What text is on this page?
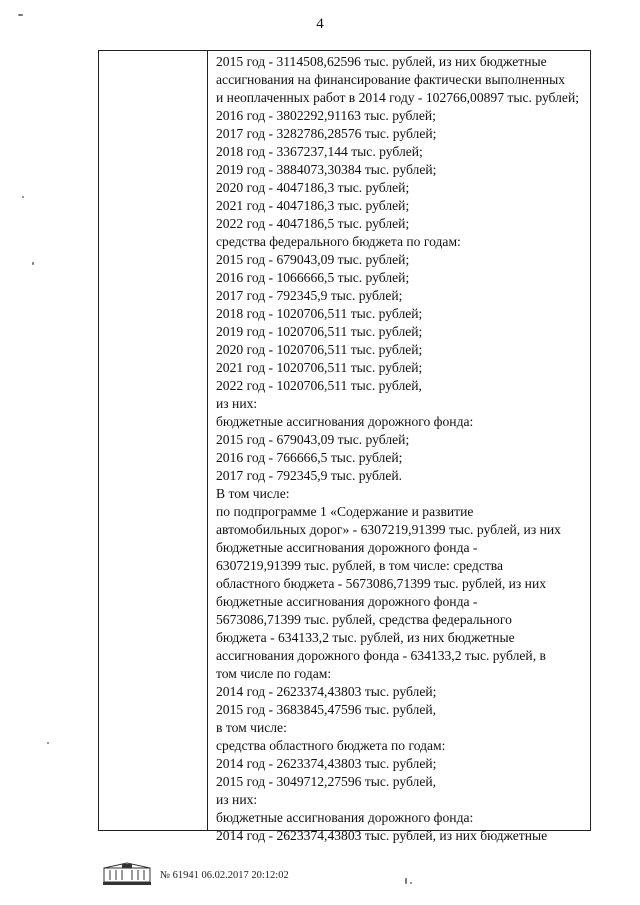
4
2015 год - 3114508,62596 тыс. рублей, из них бюджетные
ассигнования на финансирование фактически выполненных
и неоплаченных работ в 2014 году - 102766,00897 тыс. рублей;
2016 год - 3802292,91163 тыс. рублей;
2017 год - 3282786,28576 тыс. рублей;
2018 год - 3367237,144 тыс. рублей;
2019 год - 3884073,30384 тыс. рублей;
2020 год - 4047186,3 тыс. рублей;
2021 год - 4047186,3 тыс. рублей;
2022 год - 4047186,5 тыс. рублей;
средства федерального бюджета по годам:
2015 год - 679043,09 тыс. рублей;
2016 год - 1066666,5 тыс. рублей;
2017 год - 792345,9 тыс. рублей;
2018 год - 1020706,511 тыс. рублей;
2019 год - 1020706,511 тыс. рублей;
2020 год - 1020706,511 тыс. рублей;
2021 год - 1020706,511 тыс. рублей;
2022 год - 1020706,511 тыс. рублей,
из них:
бюджетные ассигнования дорожного фонда:
2015 год - 679043,09 тыс. рублей;
2016 год - 766666,5 тыс. рублей;
2017 год - 792345,9 тыс. рублей.
В том числе:
по подпрограмме 1 «Содержание и развитие
автомобильных дорог» - 6307219,91399 тыс. рублей, из них
бюджетные ассигнования дорожного фонда -
6307219,91399 тыс. рублей, в том числе: средства
областного бюджета - 5673086,71399 тыс. рублей, из них
бюджетные ассигнования дорожного фонда -
5673086,71399 тыс. рублей, средства федерального
бюджета - 634133,2 тыс. рублей, из них бюджетные
ассигнования дорожного фонда - 634133,2 тыс. рублей, в
том числе по годам:
2014 год - 2623374,43803 тыс. рублей;
2015 год - 3683845,47596 тыс. рублей,
в том числе:
средства областного бюджета по годам:
2014 год - 2623374,43803 тыс. рублей;
2015 год - 3049712,27596 тыс. рублей,
из них:
бюджетные ассигнования дорожного фонда:
2014 год - 2623374,43803 тыс. рублей, из них бюджетные
№ 61941 06.02.2017 20:12:02
